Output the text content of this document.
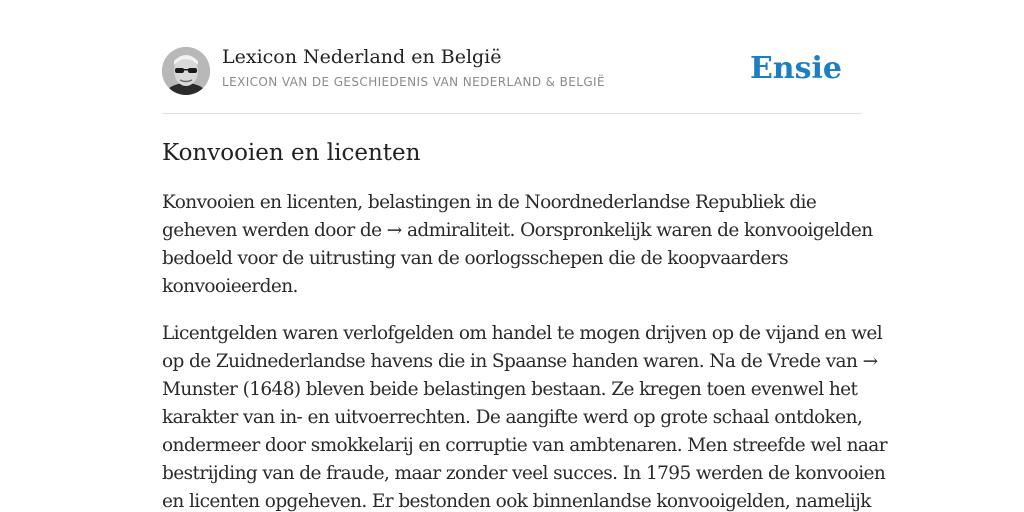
Lexicon Nederland en België
LEXICON VAN DE GESCHIEDENIS VAN NEDERLAND & BELGIË	Ensie
Konvooien en licenten

Konvooien en licenten, belastingen in de Noordnederlandse Republiek die
geheven werden door de → admiraliteit. Oorspronkelijk waren de konvooigelden
bedoeld voor de uitrusting van de oorlogsschepen die de koopvaarders
konvooieerden.

Licentgelden waren verlofgelden om handel te mogen drijven op de vijand en wel
op de Zuidnederlandse havens die in Spaanse handen waren. Na de Vrede van →
Munster (1648) bleven beide belastingen bestaan. Ze kregen toen evenwel het
karakter van in- en uitvoerrechten. De aangifte werd op grote schaal ontdoken,
ondermeer door smokkelarij en corruptie van ambtenaren. Men streefde wel naar
bestrijding van de fraude, maar zonder veel succes. In 1795 werden de konvooien
en licenten opgeheven. Er bestonden ook binnenlandse konvooigelden, namelijk
